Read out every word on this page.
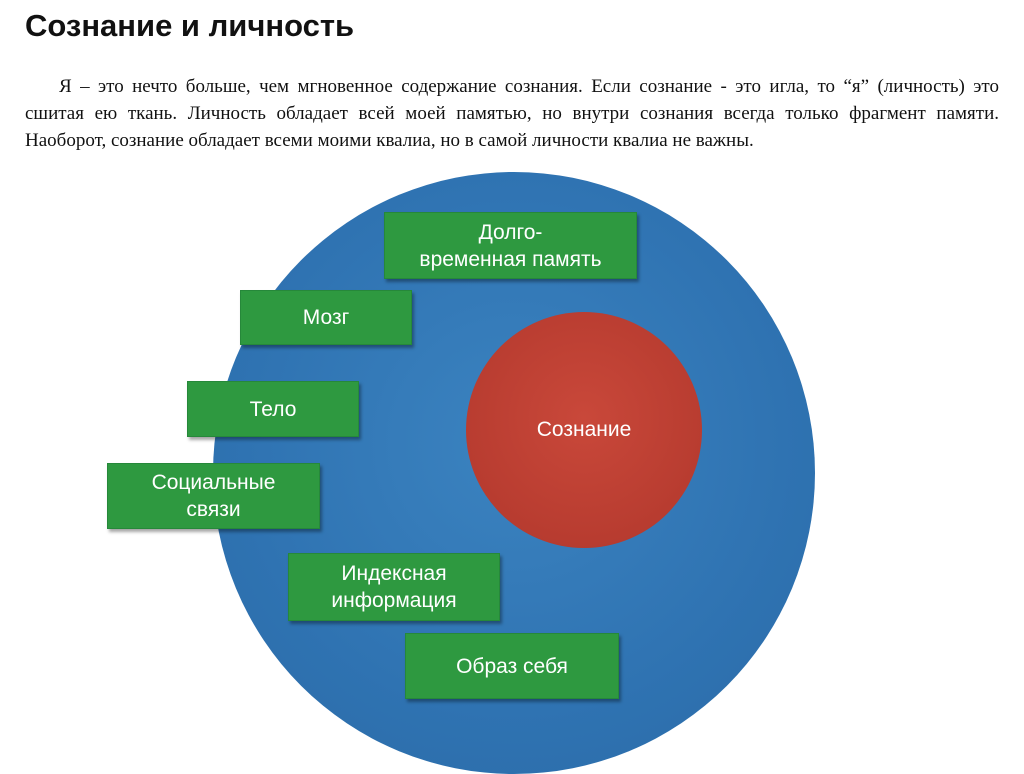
Сознание и личность

Я – это нечто больше, чем мгновенное содержание сознания. Если сознание - это игла, то “я” (личность) это сшитая ею ткань. Личность обладает всей моей памятью, но внутри сознания всегда только фрагмент памяти. Наоборот, сознание обладает всеми моими квалиа, но в самой личности квалиа не важны.

Сознание
Долго-
временная память
Мозг
Тело
Социальные
связи
Индексная
информация
Образ себя
